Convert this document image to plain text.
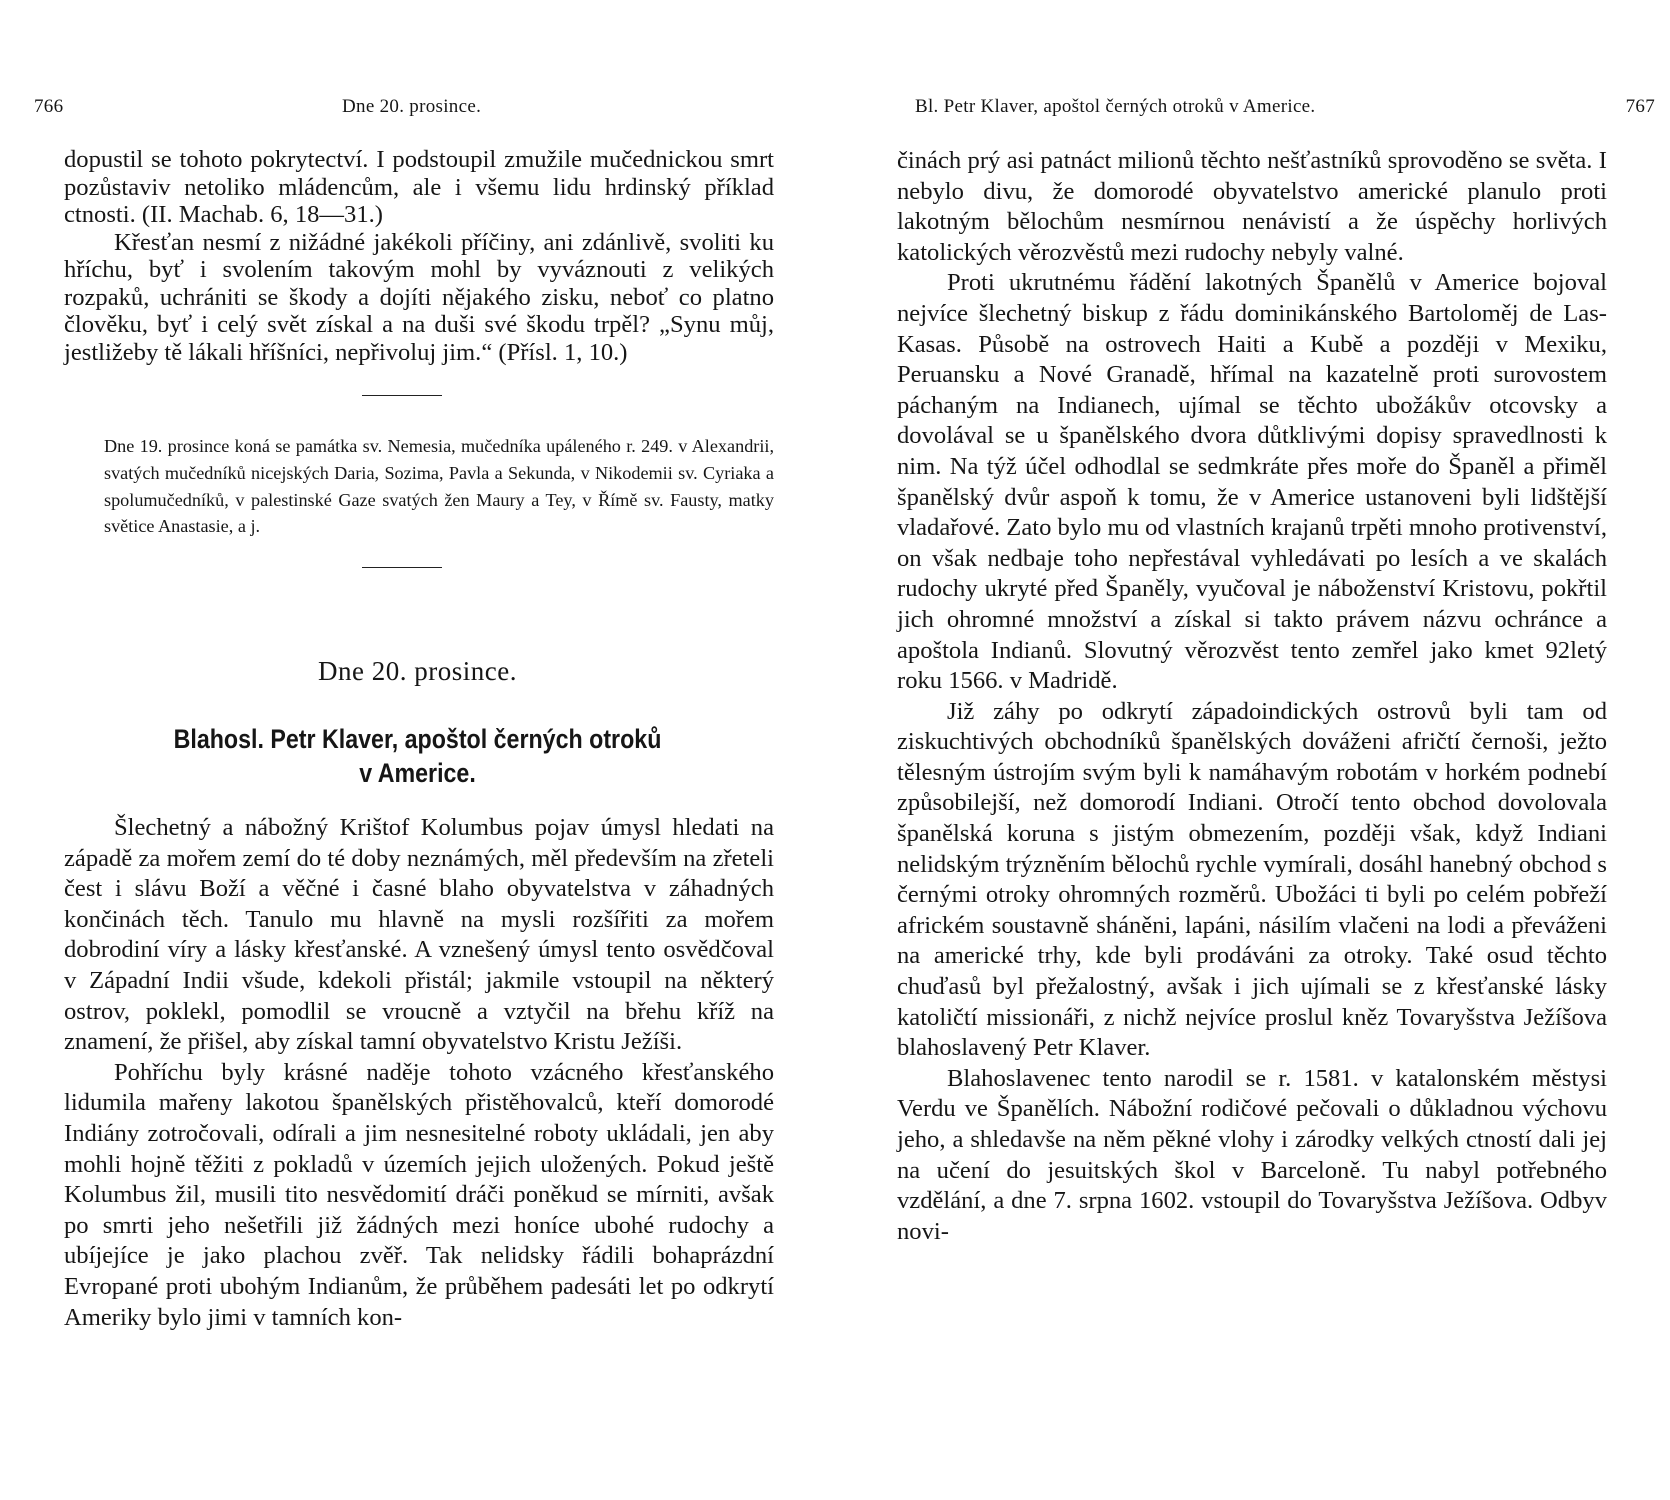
766	Dne 20. prosince.

dopustil se tohoto pokrytectví. I podstoupil zmužile mučednickou smrt pozůstaviv netoliko mládencům, ale i všemu lidu hrdinský příklad ctnosti. (II. Machab. 6, 18—31.)

Křesťan nesmí z nižádné jakékoli příčiny, ani zdánlivě, svoliti ku hříchu, byť i svolením takovým mohl by vyváznouti z velikých rozpaků, uchrániti se škody a dojíti nějakého zisku, neboť co platno člověku, byť i celý svět získal a na duši své škodu trpěl? „Synu můj, jestližeby tě lákali hříšníci, nepřivoluj jim.“ (Přísl. 1, 10.)

Dne 19. prosince koná se památka sv. Nemesia, mučedníka upáleného r. 249. v Alexandrii, svatých mučedníků nicejských Daria, Sozima, Pavla a Sekunda, v Nikodemii sv. Cyriaka a spolumučedníků, v palestinské Gaze svatých žen Maury a Tey, v Římě sv. Fausty, matky světice Anastasie, a j.

Dne 20. prosince.
Blahosl. Petr Klaver, apoštol černých otroků
v Americe.

Šlechetný a nábožný Krištof Kolumbus pojav úmysl hledati na západě za mořem zemí do té doby neznámých, měl především na zřeteli čest i slávu Boží a věčné i časné blaho obyvatelstva v záhadných končinách těch. Tanulo mu hlavně na mysli rozšířiti za mořem dobrodiní víry a lásky křesťanské. A vznešený úmysl tento osvědčoval v Západní Indii všude, kdekoli přistál; jakmile vstoupil na některý ostrov, poklekl, pomodlil se vroucně a vztyčil na břehu kříž na znamení, že přišel, aby získal tamní obyvatelstvo Kristu Ježíši.

Pohříchu byly krásné naděje tohoto vzácného křesťanského lidumila mařeny lakotou španělských přistěhovalců, kteří domorodé Indiány zotročovali, odírali a jim nesnesitelné roboty ukládali, jen aby mohli hojně těžiti z pokladů v územích jejich uložených. Pokud ještě Kolumbus žil, musili tito nesvědomití dráči poněkud se mírniti, avšak po smrti jeho nešetřili již žádných mezi honíce ubohé rudochy a ubíjejíce je jako plachou zvěř. Tak nelidsky řádili bohaprázdní Evropané proti ubohým Indianům, že průběhem padesáti let po odkrytí Ameriky bylo jimi v tamních kon-

Bl. Petr Klaver, apoštol černých otroků v Americe.	767

činách prý asi patnáct milionů těchto nešťastníků sprovoděno se světa. I nebylo divu, že domorodé obyvatelstvo americké planulo proti lakotným bělochům nesmírnou nenávistí a že úspěchy horlivých katolických věrozvěstů mezi rudochy nebyly valné.

Proti ukrutnému řádění lakotných Španělů v Americe bojoval nejvíce šlechetný biskup z řádu dominikánského Bartoloměj de Las-Kasas. Působě na ostrovech Haiti a Kubě a později v Mexiku, Peruansku a Nové Granadě, hřímal na kazatelně proti surovostem páchaným na Indianech, ujímal se těchto ubožákův otcovsky a dovolával se u španělského dvora důtklivými dopisy spravedlnosti k nim. Na týž účel odhodlal se sedmkráte přes moře do Španěl a přiměl španělský dvůr aspoň k tomu, že v Americe ustanoveni byli lidštější vladařové. Zato bylo mu od vlastních krajanů trpěti mnoho protivenství, on však nedbaje toho nepřestával vyhledávati po lesích a ve skalách rudochy ukryté před Španěly, vyučoval je náboženství Kristovu, pokřtil jich ohromné množství a získal si takto právem názvu ochránce a apoštola Indianů. Slovutný věrozvěst tento zemřel jako kmet 92letý roku 1566. v Madridě.

Již záhy po odkrytí západoindických ostrovů byli tam od ziskuchtivých obchodníků španělských dováženi afričtí černoši, ježto tělesným ústrojím svým byli k namáhavým robotám v horkém podnebí způsobilejší, než domorodí Indiani. Otročí tento obchod dovolovala španělská koruna s jistým obmezením, později však, když Indiani nelidským trýzněním bělochů rychle vymírali, dosáhl hanebný obchod s černými otroky ohromných rozměrů. Ubožáci ti byli po celém pobřeží africkém soustavně sháněni, lapáni, násilím vlačeni na lodi a převáženi na americké trhy, kde byli prodáváni za otroky. Také osud těchto chuďasů byl přežalostný, avšak i jich ujímali se z křesťanské lásky katoličtí missionáři, z nichž nejvíce proslul kněz Tovaryšstva Ježíšova blahoslavený Petr Klaver.

Blahoslavenec tento narodil se r. 1581. v katalonském městysi Verdu ve Španělích. Nábožní rodičové pečovali o důkladnou výchovu jeho, a shledavše na něm pěkné vlohy i zárodky velkých ctností dali jej na učení do jesuitských škol v Barceloně. Tu nabyl potřebného vzdělání, a dne 7. srpna 1602. vstoupil do Tovaryšstva Ježíšova. Odbyv novi-
